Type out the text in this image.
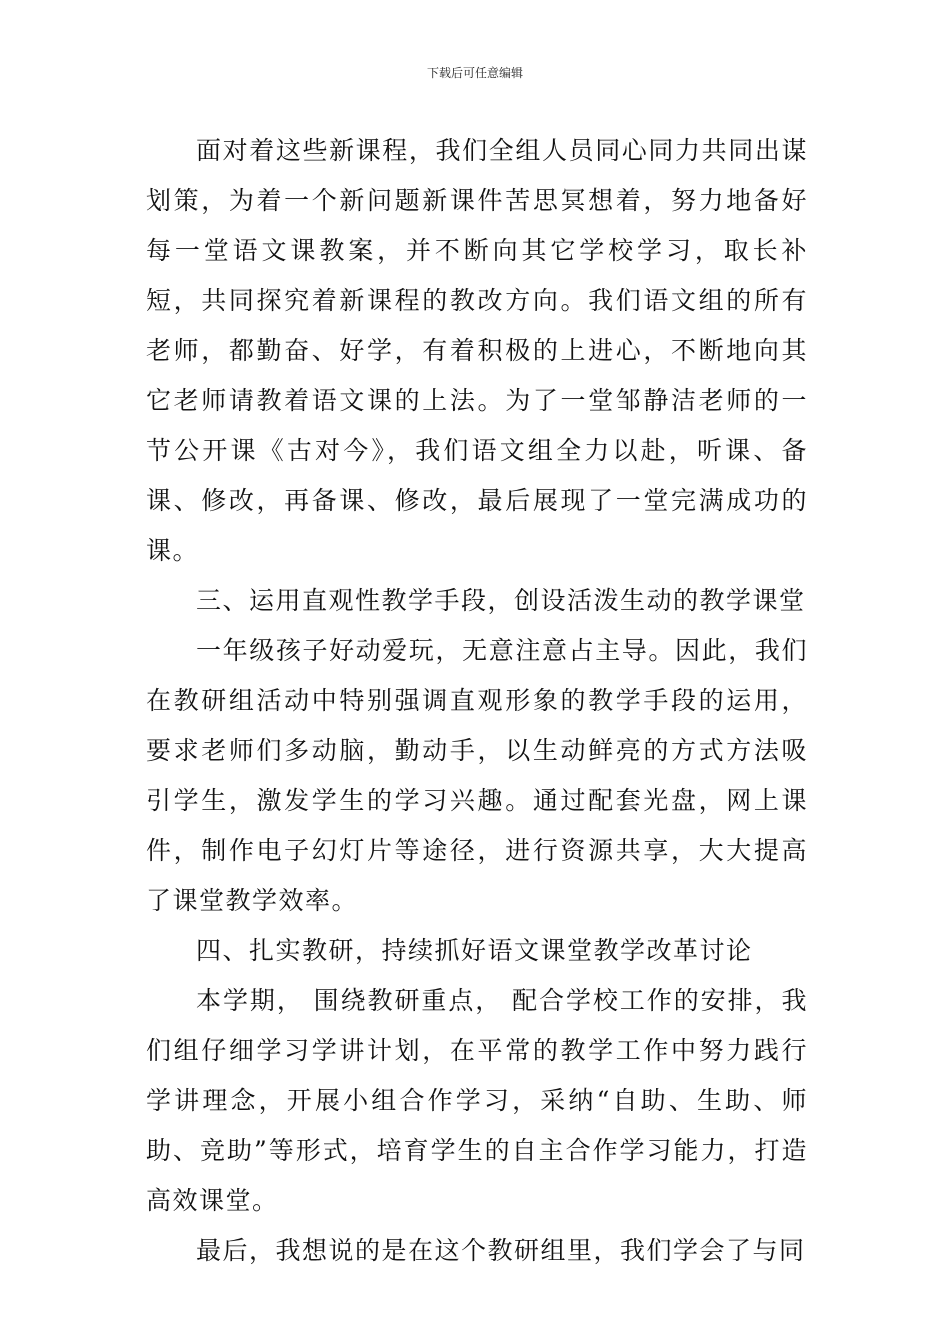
下载后可任意编辑

面对着这些新课程，我们全组人员同心同力共同出谋划策，为着一个新问题新课件苦思冥想着，努力地备好每一堂语文课教案，并不断向其它学校学习，取长补短，共同探究着新课程的教改方向。我们语文组的所有老师，都勤奋、好学，有着积极的上进心，不断地向其它老师请教着语文课的上法。为了一堂邹静洁老师的一节公开课《古对今》，我们语文组全力以赴，听课、备课、修改，再备课、修改，最后展现了一堂完满成功的课。

三、运用直观性教学手段，创设活泼生动的教学课堂

一年级孩子好动爱玩，无意注意占主导。因此，我们在教研组活动中特别强调直观形象的教学手段的运用，要求老师们多动脑，勤动手，以生动鲜亮的方式方法吸引学生，激发学生的学习兴趣。通过配套光盘，网上课件，制作电子幻灯片等途径，进行资源共享，大大提高了课堂教学效率。

四、扎实教研，持续抓好语文课堂教学改革讨论

本学期， 围绕教研重点， 配合学校工作的安排，我们组仔细学习学讲计划，在平常的教学工作中努力践行学讲理念，开展小组合作学习，采纳“自助、生助、师助、竞助”等形式，培育学生的自主合作学习能力，打造高效课堂。

最后，我想说的是在这个教研组里，我们学会了与同
